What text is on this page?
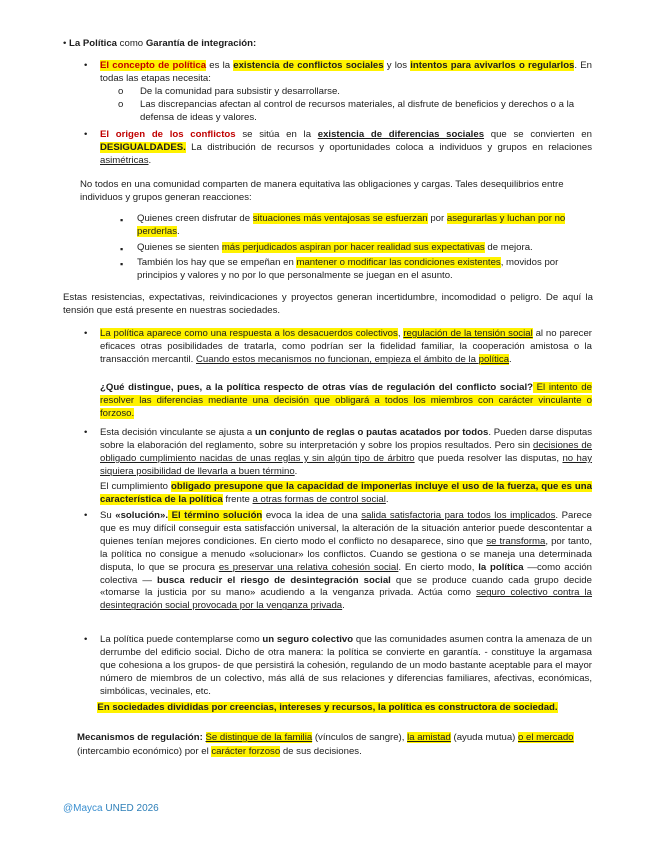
• La Política como Garantía de integración:
• El concepto de política es la existencia de conflictos sociales y los intentos para avivarlos o regularlos. En todas las etapas necesita:
o De la comunidad para subsistir y desarrollarse.
o Las discrepancias afectan al control de recursos materiales, al disfrute de beneficios y derechos o a la defensa de ideas y valores.
• El origen de los conflictos se sitúa en la existencia de diferencias sociales que se convierten en DESIGUALDADES. La distribución de recursos y oportunidades coloca a individuos y grupos en relaciones asimétricas.
No todos en una comunidad comparten de manera equitativa las obligaciones y cargas. Tales desequilibrios entre individuos y grupos generan reacciones:
▪ Quienes creen disfrutar de situaciones más ventajosas se esfuerzan por asegurarlas y luchan por no perderlas.
▪ Quienes se sienten más perjudicados aspiran por hacer realidad sus expectativas de mejora.
▪ También los hay que se empeñan en mantener o modificar las condiciones existentes, movidos por principios y valores y no por lo que personalmente se juegan en el asunto.
Estas resistencias, expectativas, reivindicaciones y proyectos generan incertidumbre, incomodidad o peligro. De aquí la tensión que está presente en nuestras sociedades.
• La política aparece como una respuesta a los desacuerdos colectivos, regulación de la tensión social al no parecer eficaces otras posibilidades de tratarla, como podrían ser la fidelidad familiar, la cooperación amistosa o la transacción mercantil. Cuando estos mecanismos no funcionan, empieza el ámbito de la política.
¿Qué distingue, pues, a la política respecto de otras vías de regulación del conflicto social? El intento de resolver las diferencias mediante una decisión que obligará a todos los miembros con carácter vinculante o forzoso.
• Esta decisión vinculante se ajusta a un conjunto de reglas o pautas acatados por todos. Pueden darse disputas sobre la elaboración del reglamento, sobre su interpretación y sobre los propios resultados. Pero sin decisiones de obligado cumplimiento nacidas de unas reglas y sin algún tipo de árbitro que pueda resolver las disputas, no hay siquiera posibilidad de llevarla a buen término.
El cumplimiento obligado presupone que la capacidad de imponerlas incluye el uso de la fuerza, que es una característica de la política frente a otras formas de control social.
• Su «solución». El término solución evoca la idea de una salida satisfactoria para todos los implicados. Parece que es muy difícil conseguir esta satisfacción universal, la alteración de la situación anterior puede descontentar a quienes tenían mejores condiciones. En cierto modo el conflicto no desaparece, sino que se transforma, por tanto, la política no consigue a menudo «solucionar» los conflictos. Cuando se gestiona o se maneja una determinada disputa, lo que se procura es preservar una relativa cohesión social. En cierto modo, la política —como acción colectiva — busca reducir el riesgo de desintegración social que se produce cuando cada grupo decide «tomarse la justicia por su mano» acudiendo a la venganza privada. Actúa como seguro colectivo contra la desintegración social provocada por la venganza privada.
• La política puede contemplarse como un seguro colectivo que las comunidades asumen contra la amenaza de un derrumbe del edificio social. Dicho de otra manera: la política se convierte en garantía. - constituye la argamasa que cohesiona a los grupos- de que persistirá la cohesión, regulando de un modo bastante aceptable para el mayor número de miembros de un colectivo, más allá de sus relaciones y diferencias familiares, afectivas, económicas, simbólicas, vecinales, etc.
En sociedades divididas por creencias, intereses y recursos, la política es constructora de sociedad.
Mecanismos de regulación: Se distingue de la familia (vínculos de sangre), la amistad (ayuda mutua) o el mercado (intercambio económico) por el carácter forzoso de sus decisiones.
@Mayca UNED 2026
